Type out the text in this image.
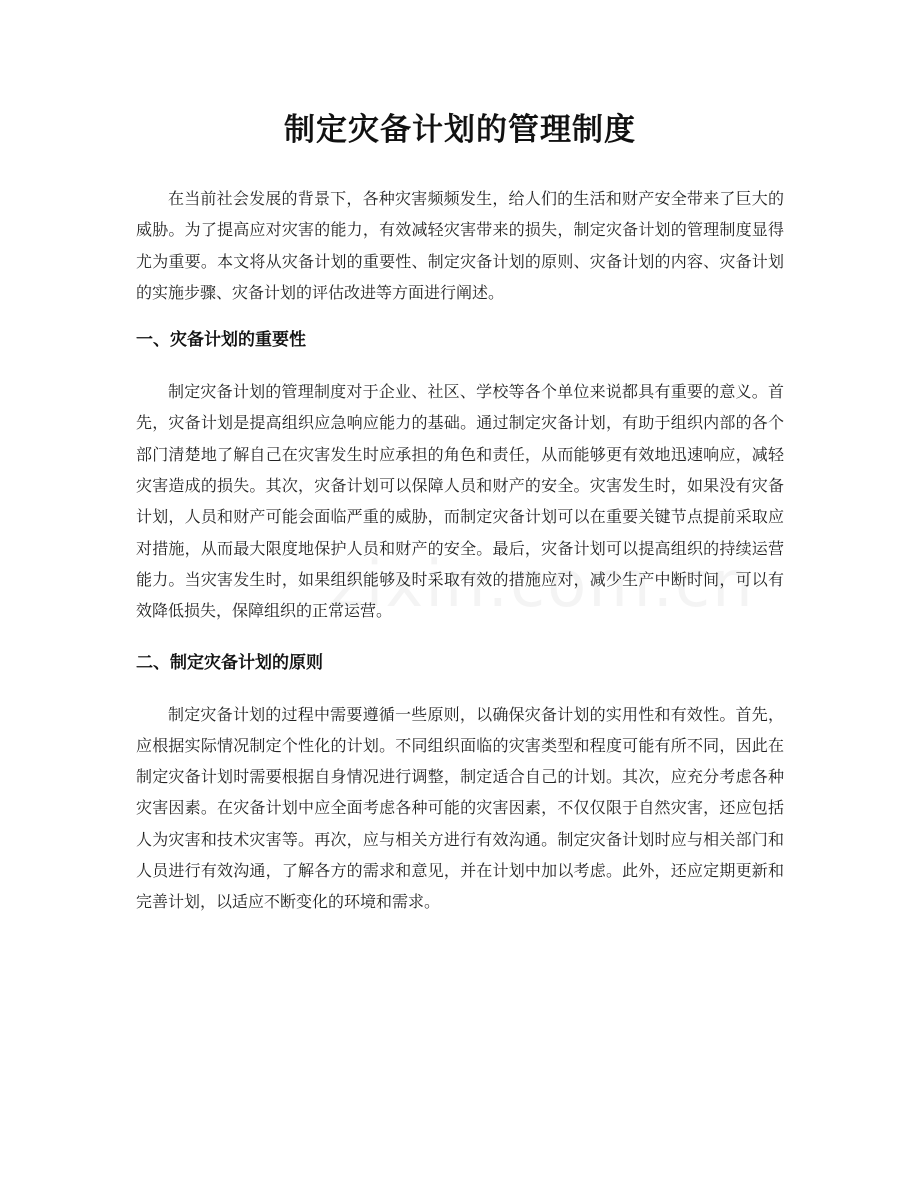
制定灾备计划的管理制度

在当前社会发展的背景下，各种灾害频频发生，给人们的生活和财产安全带来了巨大的威胁。为了提高应对灾害的能力，有效减轻灾害带来的损失，制定灾备计划的管理制度显得尤为重要。本文将从灾备计划的重要性、制定灾备计划的原则、灾备计划的内容、灾备计划的实施步骤、灾备计划的评估改进等方面进行阐述。

一、灾备计划的重要性

制定灾备计划的管理制度对于企业、社区、学校等各个单位来说都具有重要的意义。首先，灾备计划是提高组织应急响应能力的基础。通过制定灾备计划，有助于组织内部的各个部门清楚地了解自己在灾害发生时应承担的角色和责任，从而能够更有效地迅速响应，减轻灾害造成的损失。其次，灾备计划可以保障人员和财产的安全。灾害发生时，如果没有灾备计划，人员和财产可能会面临严重的威胁，而制定灾备计划可以在重要关键节点提前采取应对措施，从而最大限度地保护人员和财产的安全。最后，灾备计划可以提高组织的持续运营能力。当灾害发生时，如果组织能够及时采取有效的措施应对，减少生产中断时间，可以有效降低损失，保障组织的正常运营。

二、制定灾备计划的原则

制定灾备计划的过程中需要遵循一些原则，以确保灾备计划的实用性和有效性。首先，应根据实际情况制定个性化的计划。不同组织面临的灾害类型和程度可能有所不同，因此在制定灾备计划时需要根据自身情况进行调整，制定适合自己的计划。其次，应充分考虑各种灾害因素。在灾备计划中应全面考虑各种可能的灾害因素，不仅仅限于自然灾害，还应包括人为灾害和技术灾害等。再次，应与相关方进行有效沟通。制定灾备计划时应与相关部门和人员进行有效沟通，了解各方的需求和意见，并在计划中加以考虑。此外，还应定期更新和完善计划，以适应不断变化的环境和需求。
